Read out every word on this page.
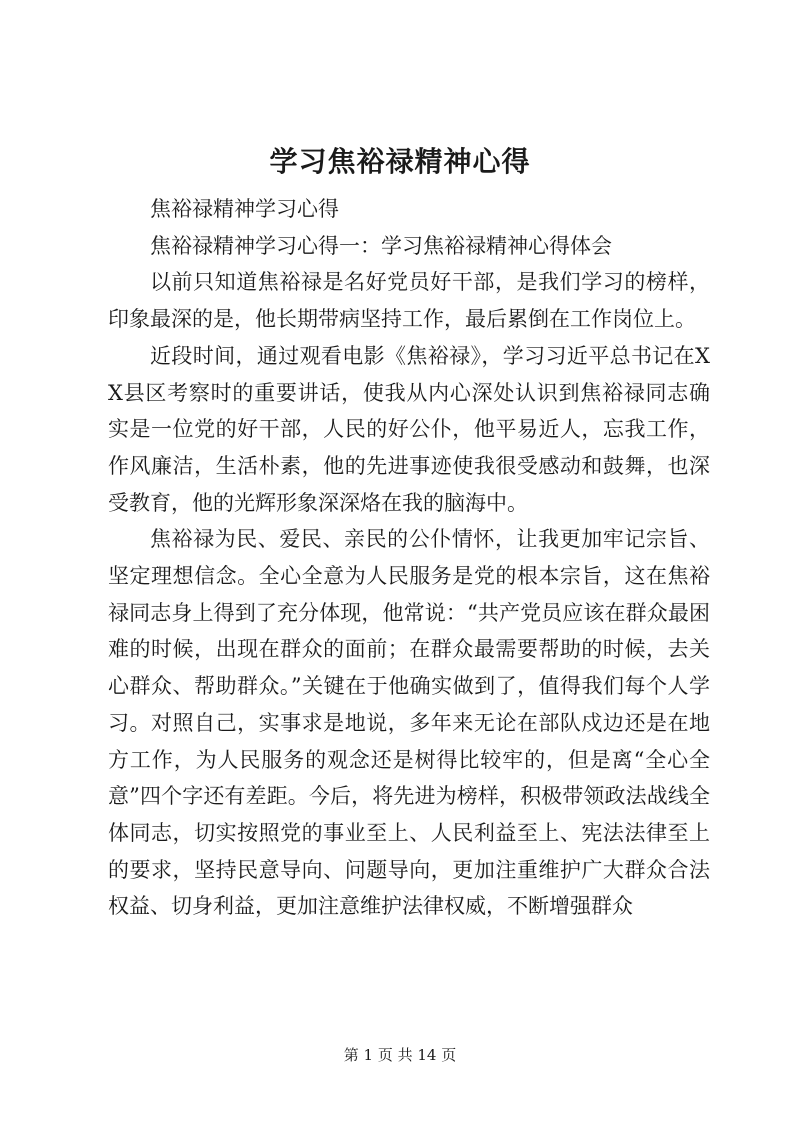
学习焦裕禄精神心得

焦裕禄精神学习心得

焦裕禄精神学习心得一：学习焦裕禄精神心得体会

以前只知道焦裕禄是名好党员好干部，是我们学习的榜样，印象最深的是，他长期带病坚持工作，最后累倒在工作岗位上。

近段时间，通过观看电影《焦裕禄》，学习习近平总书记在XX县区考察时的重要讲话，使我从内心深处认识到焦裕禄同志确实是一位党的好干部，人民的好公仆，他平易近人，忘我工作，作风廉洁，生活朴素，他的先进事迹使我很受感动和鼓舞，也深受教育，他的光辉形象深深烙在我的脑海中。

焦裕禄为民、爱民、亲民的公仆情怀，让我更加牢记宗旨、坚定理想信念。全心全意为人民服务是党的根本宗旨，这在焦裕禄同志身上得到了充分体现，他常说：“共产党员应该在群众最困难的时候，出现在群众的面前；在群众最需要帮助的时候，去关心群众、帮助群众。”关键在于他确实做到了，值得我们每个人学习。对照自己，实事求是地说，多年来无论在部队戍边还是在地方工作，为人民服务的观念还是树得比较牢的，但是离“全心全意”四个字还有差距。今后，将先进为榜样，积极带领政法战线全体同志，切实按照党的事业至上、人民利益至上、宪法法律至上的要求，坚持民意导向、问题导向，更加注重维护广大群众合法权益、切身利益，更加注意维护法律权威，不断增强群众

第 1 页 共 14 页
